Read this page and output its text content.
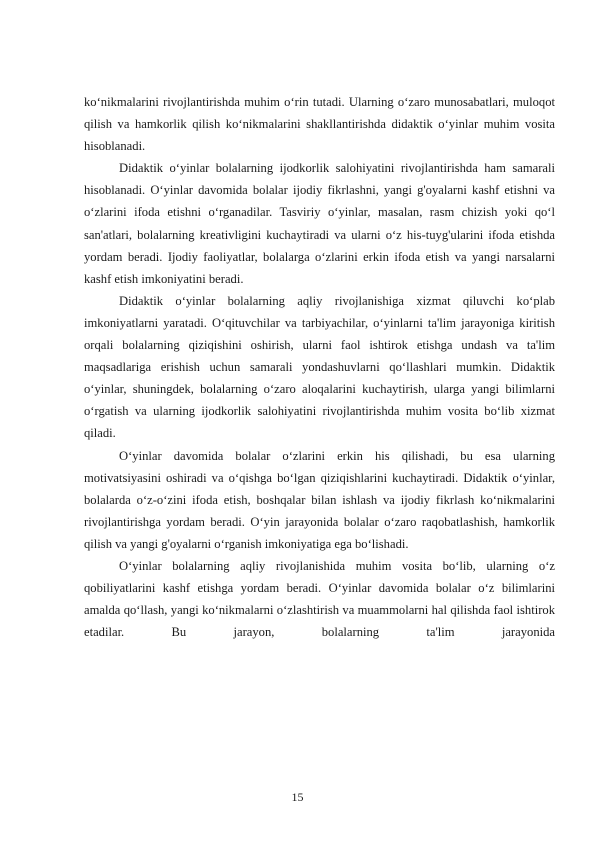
ko‘nikmalarini rivojlantirishda muhim o‘rin tutadi. Ularning o‘zaro munosabatlari, muloqot qilish va hamkorlik qilish ko‘nikmalarini shakllantirishda didaktik o‘yinlar muhim vosita hisoblanadi.

Didaktik o‘yinlar bolalarning ijodkorlik salohiyatini rivojlantirishda ham samarali hisoblanadi. O‘yinlar davomida bolalar ijodiy fikrlashni, yangi g'oyalarni kashf etishni va o‘zlarini ifoda etishni o‘rganadilar. Tasviriy o‘yinlar, masalan, rasm chizish yoki qo‘l san'atlari, bolalarning kreativligini kuchaytiradi va ularni o‘z his-tuyg'ularini ifoda etishda yordam beradi. Ijodiy faoliyatlar, bolalarga o‘zlarini erkin ifoda etish va yangi narsalarni kashf etish imkoniyatini beradi.

Didaktik o‘yinlar bolalarning aqliy rivojlanishiga xizmat qiluvchi ko‘plab imkoniyatlarni yaratadi. O‘qituvchilar va tarbiyachilar, o‘yinlarni ta'lim jarayoniga kiritish orqali bolalarning qiziqishini oshirish, ularni faol ishtirok etishga undash va ta'lim maqsadlariga erishish uchun samarali yondashuvlarni qo‘llashlari mumkin. Didaktik o‘yinlar, shuningdek, bolalarning o‘zaro aloqalarini kuchaytirish, ularga yangi bilimlarni o‘rgatish va ularning ijodkorlik salohiyatini rivojlantirishda muhim vosita bo‘lib xizmat qiladi.

O‘yinlar davomida bolalar o‘zlarini erkin his qilishadi, bu esa ularning motivatsiyasini oshiradi va o‘qishga bo‘lgan qiziqishlarini kuchaytiradi. Didaktik o‘yinlar, bolalarda o‘z-o‘zini ifoda etish, boshqalar bilan ishlash va ijodiy fikrlash ko‘nikmalarini rivojlantirishga yordam beradi. O‘yin jarayonida bolalar o‘zaro raqobatlashish, hamkorlik qilish va yangi g'oyalarni o‘rganish imkoniyatiga ega bo‘lishadi.

O‘yinlar bolalarning aqliy rivojlanishida muhim vosita bo‘lib, ularning o‘z qobiliyatlarini kashf etishga yordam beradi. O‘yinlar davomida bolalar o‘z bilimlarini amalda qo‘llash, yangi ko‘nikmalarni o‘zlashtirish va muammolarni hal qilishda faol ishtirok etadilar. Bu jarayon, bolalarning ta'lim jarayonida

15
